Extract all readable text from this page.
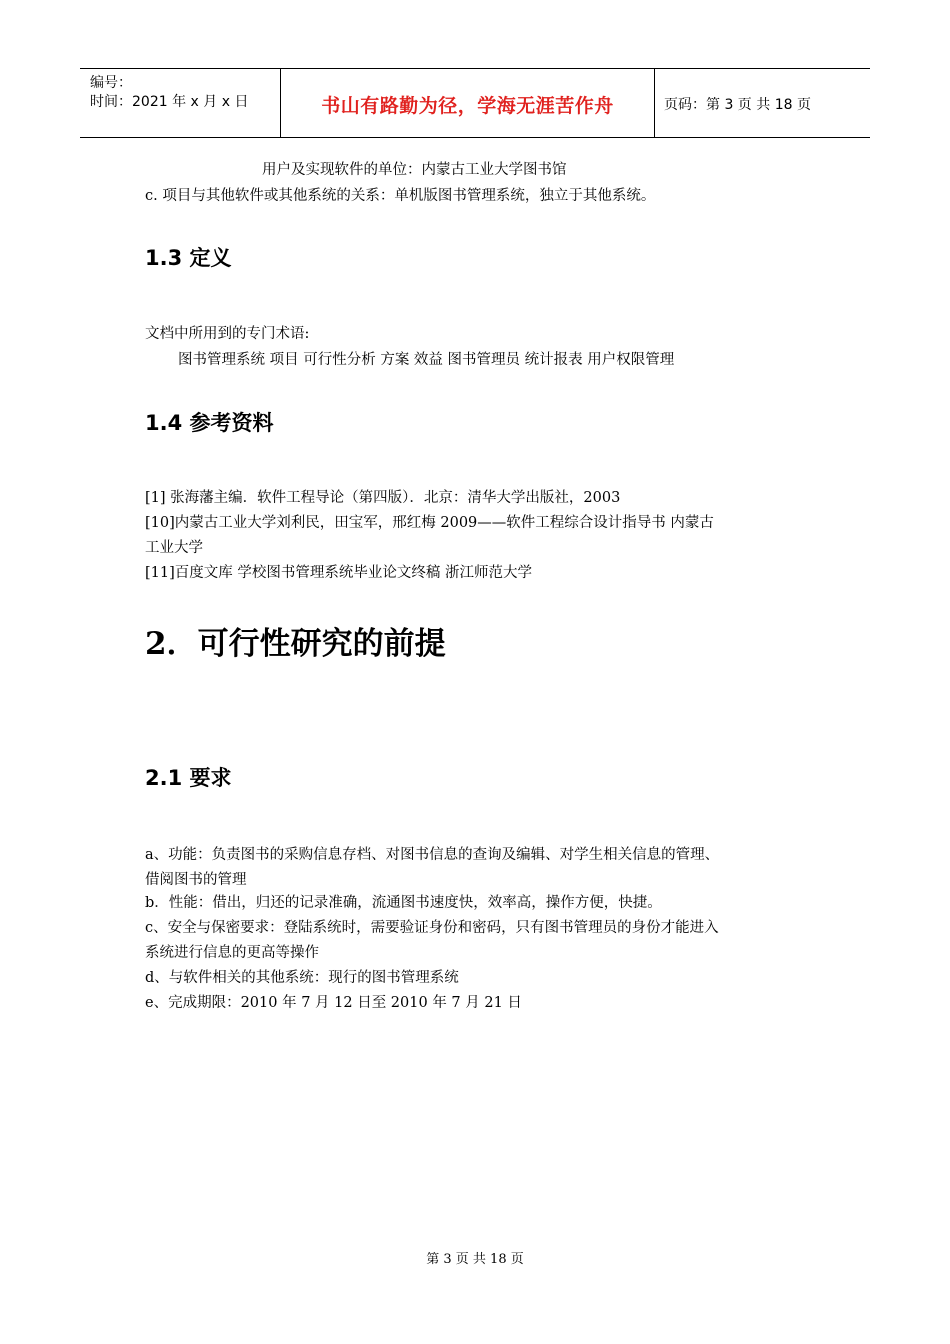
编号：
时间：2021 年 x 月 x 日	书山有路勤为径，学海无涯苦作舟	页码：第 3 页 共 18 页
用户及实现软件的单位：内蒙古工业大学图书馆
c. 项目与其他软件或其他系统的关系：单机版图书管理系统，独立于其他系统。
1.3 定义
文档中所用到的专门术语:
图书管理系统 项目 可行性分析 方案 效益 图书管理员 统计报表 用户权限管理
1.4 参考资料
[1] 张海藩主编．软件工程导论（第四版）．北京：清华大学出版社，2003
[10]内蒙古工业大学刘利民，田宝军，邢红梅 2009——软件工程综合设计指导书 内蒙古
工业大学
[11]百度文库 学校图书管理系统毕业论文终稿 浙江师范大学
2．可行性研究的前提
2.1 要求
a、功能：负责图书的采购信息存档、对图书信息的查询及编辑、对学生相关信息的管理、
借阅图书的管理
b．性能：借出，归还的记录准确，流通图书速度快，效率高，操作方便，快捷。
c、安全与保密要求：登陆系统时，需要验证身份和密码，只有图书管理员的身份才能进入
系统进行信息的更高等操作
d、与软件相关的其他系统：现行的图书管理系统
e、完成期限：2010 年 7 月 12 日至 2010 年 7 月 21 日
第 3 页 共 18 页
